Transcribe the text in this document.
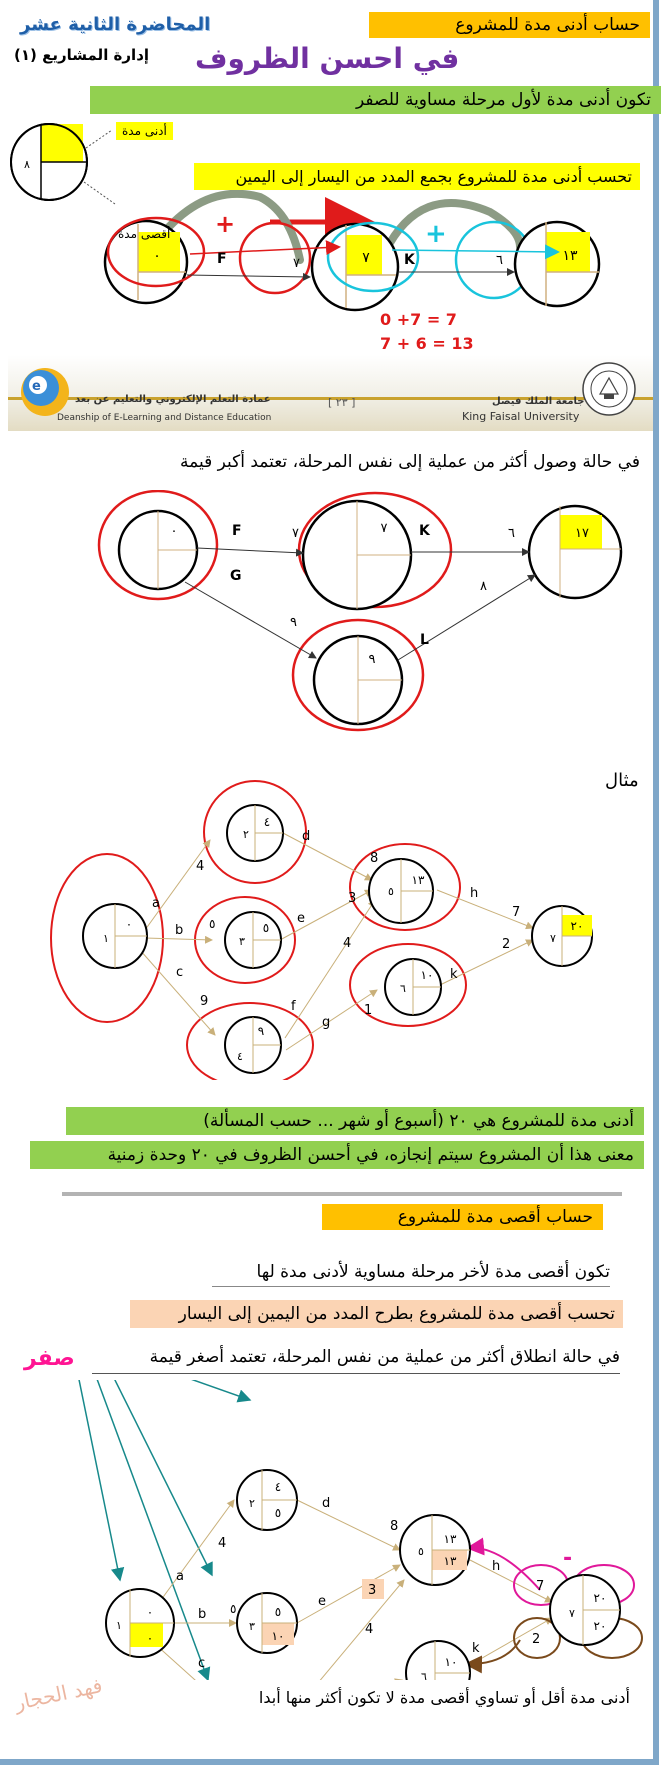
المحاضرة الثانية عشر
إدارة المشاريع (١)
حساب أدنى مدة للمشروع
في احسن الظروف
تكون أدنى مدة لأول مرحلة مساوية للصفر
٨
+	+
٠	٧	١٣
F	٧	K	٦
0 +7 = 7
7 + 6 = 13
أدنى مدة
أقصى مدة
تحسب أدنى مدة للمشروع بجمع المدد من اليسار إلى اليمين
e
عمادة التعلم الإلكتروني والتعليم عن بعد
Deanship of E-Learning and Distance Education
[ ٢٣ ]	جامعة الملك فيصل
King Faisal University
في حالة وصول أكثر من عملية إلى نفس المرحلة، تعتمد أكبر قيمة
٠	٧	١٧
٩
F	٧
G
٩
K	٦
L
٨
مثال
١
٠
٢
٤
٣
٥
٤
٩
٥
١٣
٦
١٠
٧
٢٠
a
4
b ٥
c
9
d
8
e
3
f
4
g
1
h
7
k
2
أدنى مدة للمشروع هي ٢٠ (أسبوع أو شهر ... حسب المسألة)
معنى هذا أن المشروع سيتم إنجازه، في أحسن الظروف في ٢٠ وحدة زمنية
حساب أقصى مدة للمشروع
تكون أقصى مدة لأخر مرحلة مساوية لأدنى مدة لها
تحسب أقصى مدة للمشروع بطرح المدد من اليمين إلى اليسار
في حالة انطلاق أكثر من عملية من نفس المرحلة، تعتمد أصغر قيمة
صفر
-
١
٠
٠
٢
٤
٥
٣
٥
١٠
٥
١٣
١٣
٦
١٠
٧
٢٠
٢٠
a
4
b ٥
c
d
8
e
3
4
h
7
k
2
فهد الحجار	أدنى مدة أقل أو تساوي أقصى مدة لا تكون أكثر منها أبدا
